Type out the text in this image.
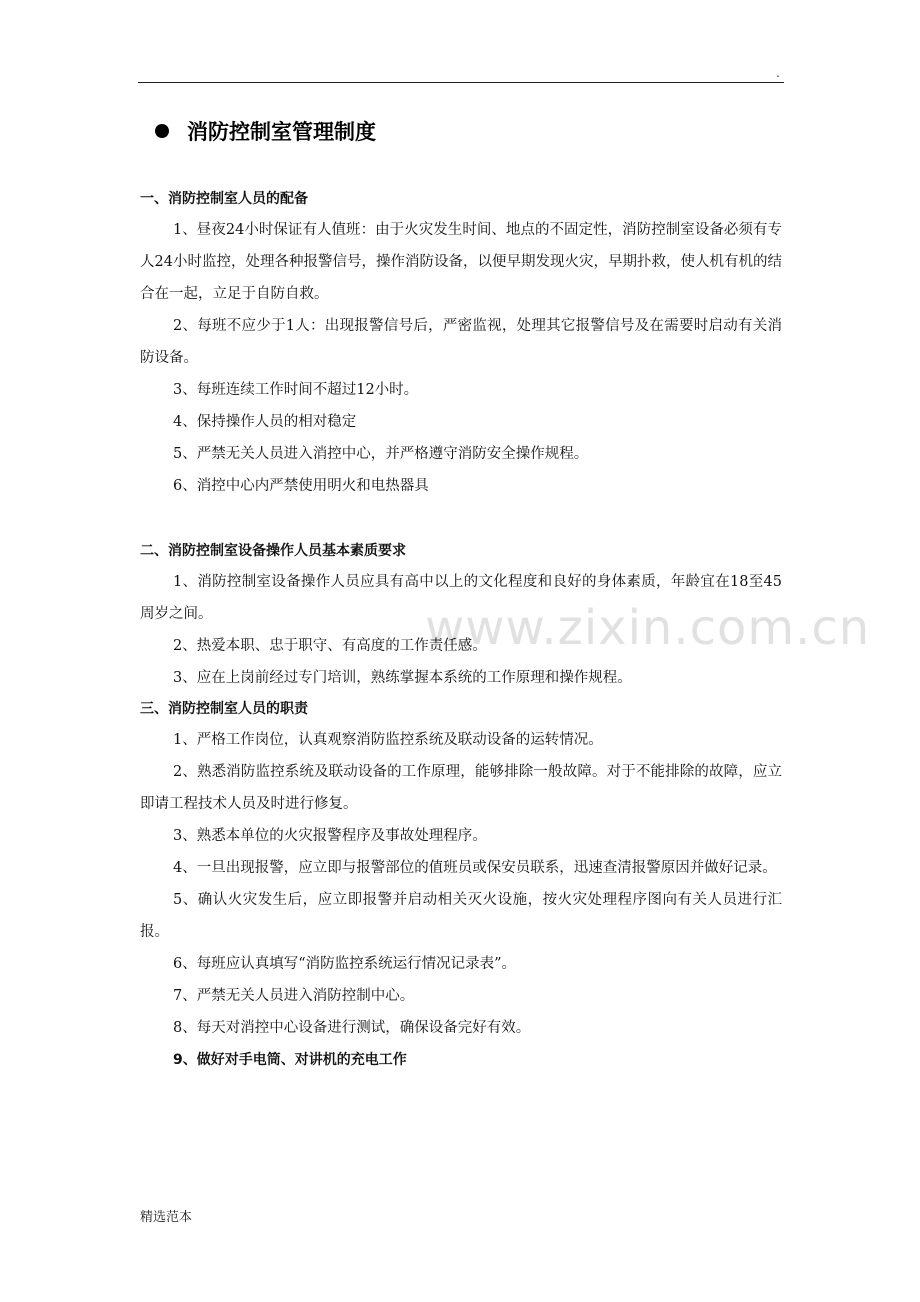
.
www.zixin.com.cn
消防控制室管理制度
一、消防控制室人员的配备
1、昼夜24小时保证有人值班：由于火灾发生时间、地点的不固定性，消防控制室设备必须有专人24小时监控，处理各种报警信号，操作消防设备，以便早期发现火灾，早期扑救，使人机有机的结合在一起，立足于自防自救。
2、每班不应少于1人：出现报警信号后，严密监视，处理其它报警信号及在需要时启动有关消防设备。
3、每班连续工作时间不超过12小时。
4、保持操作人员的相对稳定
5、严禁无关人员进入消控中心，并严格遵守消防安全操作规程。
6、消控中心内严禁使用明火和电热器具
二、消防控制室设备操作人员基本素质要求
1、消防控制室设备操作人员应具有高中以上的文化程度和良好的身体素质，年龄宜在18至45周岁之间。
2、热爱本职、忠于职守、有高度的工作责任感。
3、应在上岗前经过专门培训，熟练掌握本系统的工作原理和操作规程。
三、消防控制室人员的职责
1、严格工作岗位，认真观察消防监控系统及联动设备的运转情况。
2、熟悉消防监控系统及联动设备的工作原理，能够排除一般故障。对于不能排除的故障，应立即请工程技术人员及时进行修复。
3、熟悉本单位的火灾报警程序及事故处理程序。
4、一旦出现报警，应立即与报警部位的值班员或保安员联系，迅速查清报警原因并做好记录。
5、确认火灾发生后，应立即报警并启动相关灭火设施，按火灾处理程序图向有关人员进行汇报。
6、每班应认真填写“消防监控系统运行情况记录表”。
7、严禁无关人员进入消防控制中心。
8、每天对消控中心设备进行测试，确保设备完好有效。
9、做好对手电筒、对讲机的充电工作
精选范本
